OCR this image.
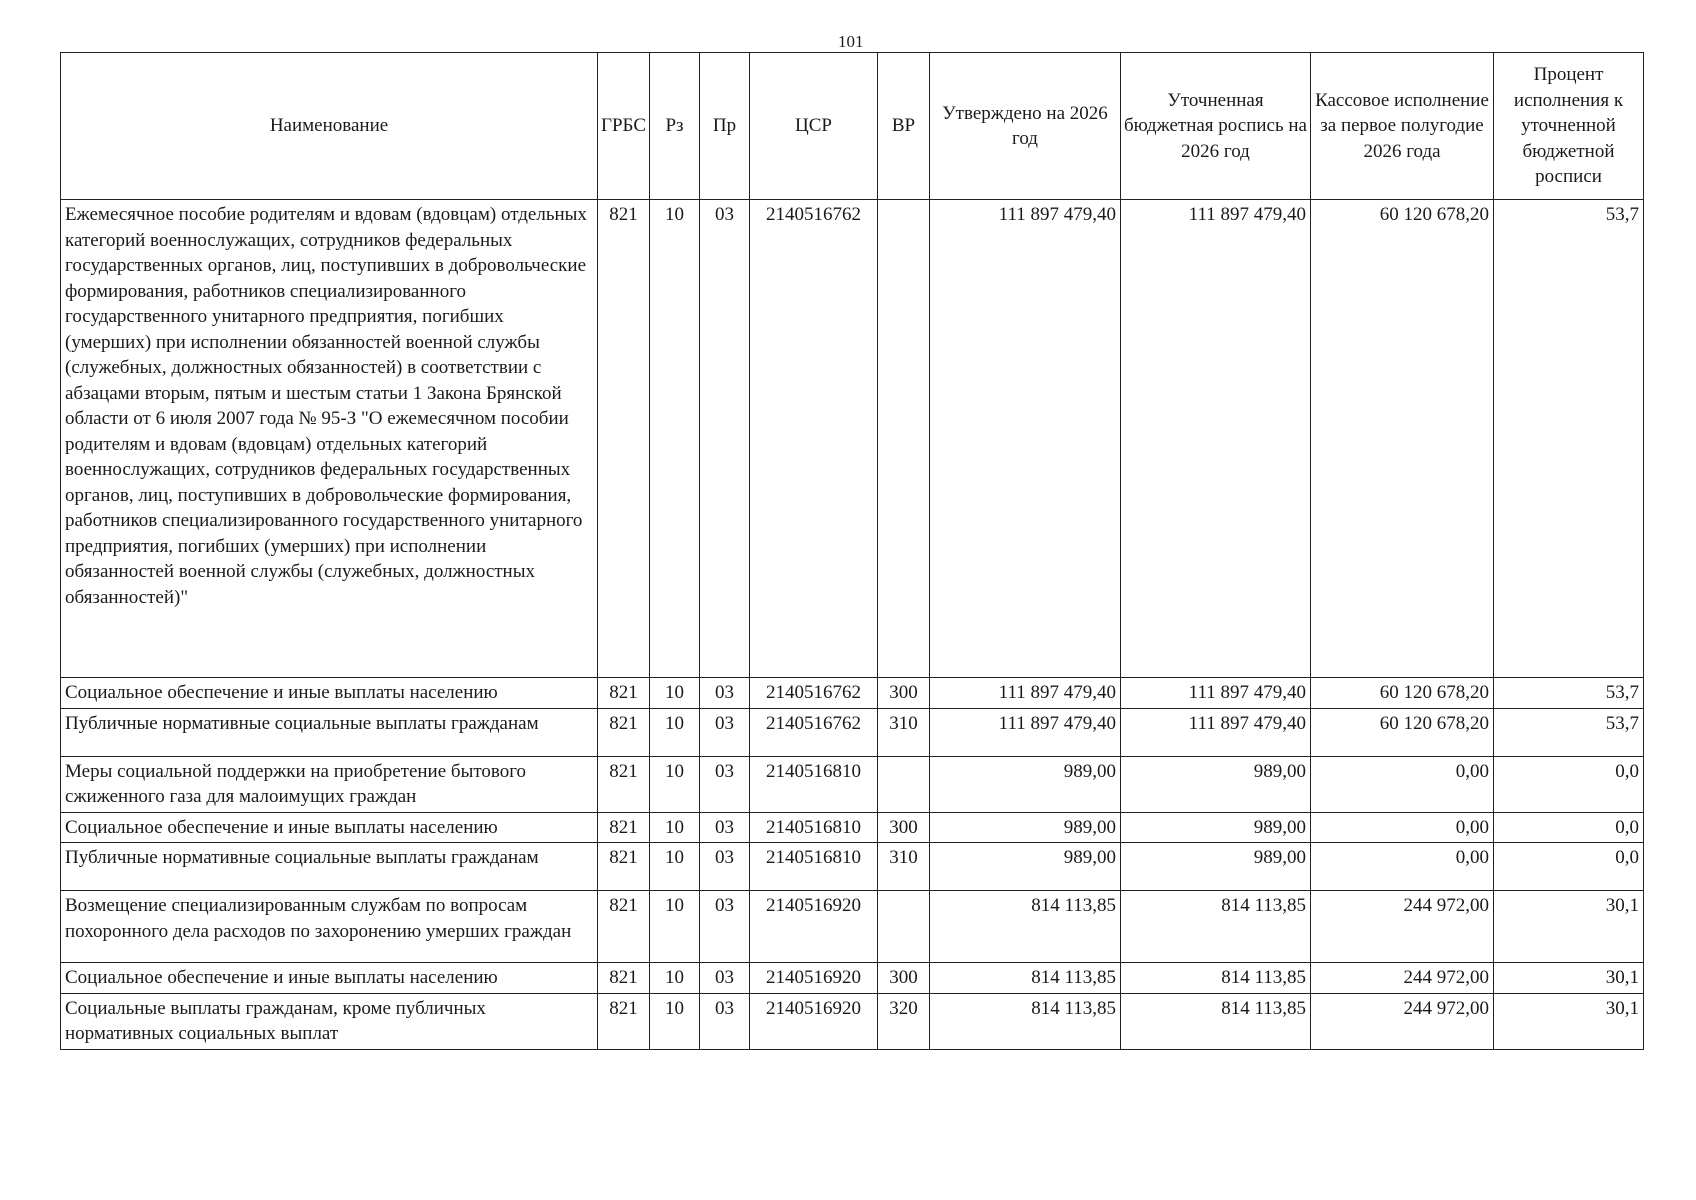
101
Наименование	ГРБС	Рз	Пр	ЦСР	ВР	Утверждено на 2026 год	Уточненная бюджетная роспись на 2026 год	Кассовое исполнение за первое полугодие 2026 года	Процент исполнения к уточненной бюджетной росписи
Ежемесячное пособие родителям и вдовам (вдовцам) отдельных категорий военнослужащих, сотрудников федеральных государственных органов, лиц, поступивших в добровольческие формирования, работников специализированного государственного унитарного предприятия, погибших (умерших) при исполнении обязанностей военной службы (служебных, должностных обязанностей) в соответствии с абзацами вторым, пятым и шестым статьи 1 Закона Брянской области от 6 июля 2007 года № 95-З "О ежемесячном пособии родителям и вдовам (вдовцам) отдельных категорий военнослужащих, сотрудников федеральных государственных органов, лиц, поступивших в добровольческие формирования, работников специализированного государственного унитарного предприятия, погибших (умерших) при исполнении обязанностей военной службы (служебных, должностных обязанностей)"	821	10	03	2140516762		111 897 479,40	111 897 479,40	60 120 678,20	53,7
Социальное обеспечение и иные выплаты населению	821	10	03	2140516762	300	111 897 479,40	111 897 479,40	60 120 678,20	53,7
Публичные нормативные социальные выплаты гражданам	821	10	03	2140516762	310	111 897 479,40	111 897 479,40	60 120 678,20	53,7
Меры социальной поддержки на приобретение бытового сжиженного газа для малоимущих граждан	821	10	03	2140516810		989,00	989,00	0,00	0,0
Социальное обеспечение и иные выплаты населению	821	10	03	2140516810	300	989,00	989,00	0,00	0,0
Публичные нормативные социальные выплаты гражданам	821	10	03	2140516810	310	989,00	989,00	0,00	0,0
Возмещение специализированным службам по вопросам похоронного дела расходов по захоронению умерших граждан	821	10	03	2140516920		814 113,85	814 113,85	244 972,00	30,1
Социальное обеспечение и иные выплаты населению	821	10	03	2140516920	300	814 113,85	814 113,85	244 972,00	30,1
Социальные выплаты гражданам, кроме публичных нормативных социальных выплат	821	10	03	2140516920	320	814 113,85	814 113,85	244 972,00	30,1
